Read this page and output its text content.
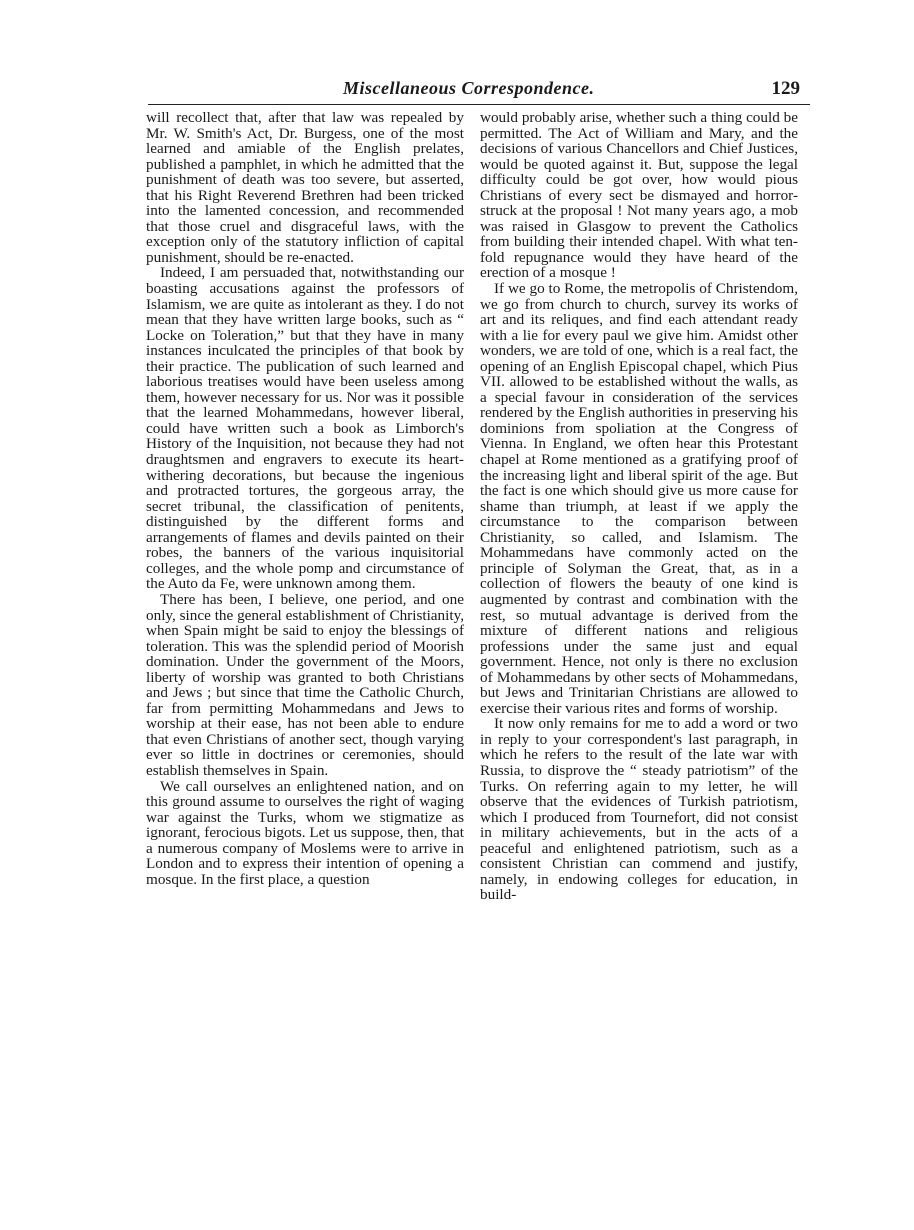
Miscellaneous Correspondence.	129

will recollect that, after that law was repealed by Mr. W. Smith's Act, Dr. Burgess, one of the most learned and amiable of the English prelates, published a pamphlet, in which he admitted that the punishment of death was too severe, but asserted, that his Right Reverend Brethren had been tricked into the lamented concession, and recommended that those cruel and disgraceful laws, with the exception only of the statutory infliction of capital punishment, should be re-enacted.

Indeed, I am persuaded that, notwithstanding our boasting accusations against the professors of Islamism, we are quite as intolerant as they. I do not mean that they have written large books, such as “ Locke on Toleration,” but that they have in many instances inculcated the principles of that book by their practice. The publication of such learned and laborious treatises would have been useless among them, however necessary for us. Nor was it possible that the learned Mohammedans, however liberal, could have written such a book as Limborch's History of the Inquisition, not because they had not draughtsmen and engravers to execute its heart-withering decorations, but because the ingenious and protracted tortures, the gorgeous array, the secret tribunal, the classification of penitents, distinguished by the different forms and arrangements of flames and devils painted on their robes, the banners of the various inquisitorial colleges, and the whole pomp and circumstance of the Auto da Fe, were unknown among them.

There has been, I believe, one period, and one only, since the general establishment of Christianity, when Spain might be said to enjoy the blessings of toleration. This was the splendid period of Moorish domination. Under the government of the Moors, liberty of worship was granted to both Christians and Jews ; but since that time the Catholic Church, far from permitting Mohammedans and Jews to worship at their ease, has not been able to endure that even Christians of another sect, though varying ever so little in doctrines or ceremonies, should establish themselves in Spain.

We call ourselves an enlightened nation, and on this ground assume to ourselves the right of waging war against the Turks, whom we stigmatize as ignorant, ferocious bigots. Let us suppose, then, that a numerous company of Moslems were to arrive in London and to express their intention of opening a mosque. In the first place, a question

would probably arise, whether such a thing could be permitted. The Act of William and Mary, and the decisions of various Chancellors and Chief Justices, would be quoted against it. But, suppose the legal difficulty could be got over, how would pious Christians of every sect be dismayed and horror-struck at the proposal ! Not many years ago, a mob was raised in Glasgow to prevent the Catholics from building their intended chapel. With what ten-fold repugnance would they have heard of the erection of a mosque !

If we go to Rome, the metropolis of Christendom, we go from church to church, survey its works of art and its reliques, and find each attendant ready with a lie for every paul we give him. Amidst other wonders, we are told of one, which is a real fact, the opening of an English Episcopal chapel, which Pius VII. allowed to be established without the walls, as a special favour in consideration of the services rendered by the English authorities in preserving his dominions from spoliation at the Congress of Vienna. In England, we often hear this Protestant chapel at Rome mentioned as a gratifying proof of the increasing light and liberal spirit of the age. But the fact is one which should give us more cause for shame than triumph, at least if we apply the circumstance to the comparison between Christianity, so called, and Islamism. The Mohammedans have commonly acted on the principle of Solyman the Great, that, as in a collection of flowers the beauty of one kind is augmented by contrast and combination with the rest, so mutual advantage is derived from the mixture of different nations and religious professions under the same just and equal government. Hence, not only is there no exclusion of Mohammedans by other sects of Mohammedans, but Jews and Trinitarian Christians are allowed to exercise their various rites and forms of worship.

It now only remains for me to add a word or two in reply to your correspondent's last paragraph, in which he refers to the result of the late war with Russia, to disprove the “ steady patriotism” of the Turks. On referring again to my letter, he will observe that the evidences of Turkish patriotism, which I produced from Tournefort, did not consist in military achievements, but in the acts of a peaceful and enlightened patriotism, such as a consistent Christian can commend and justify, namely, in endowing colleges for education, in build-
